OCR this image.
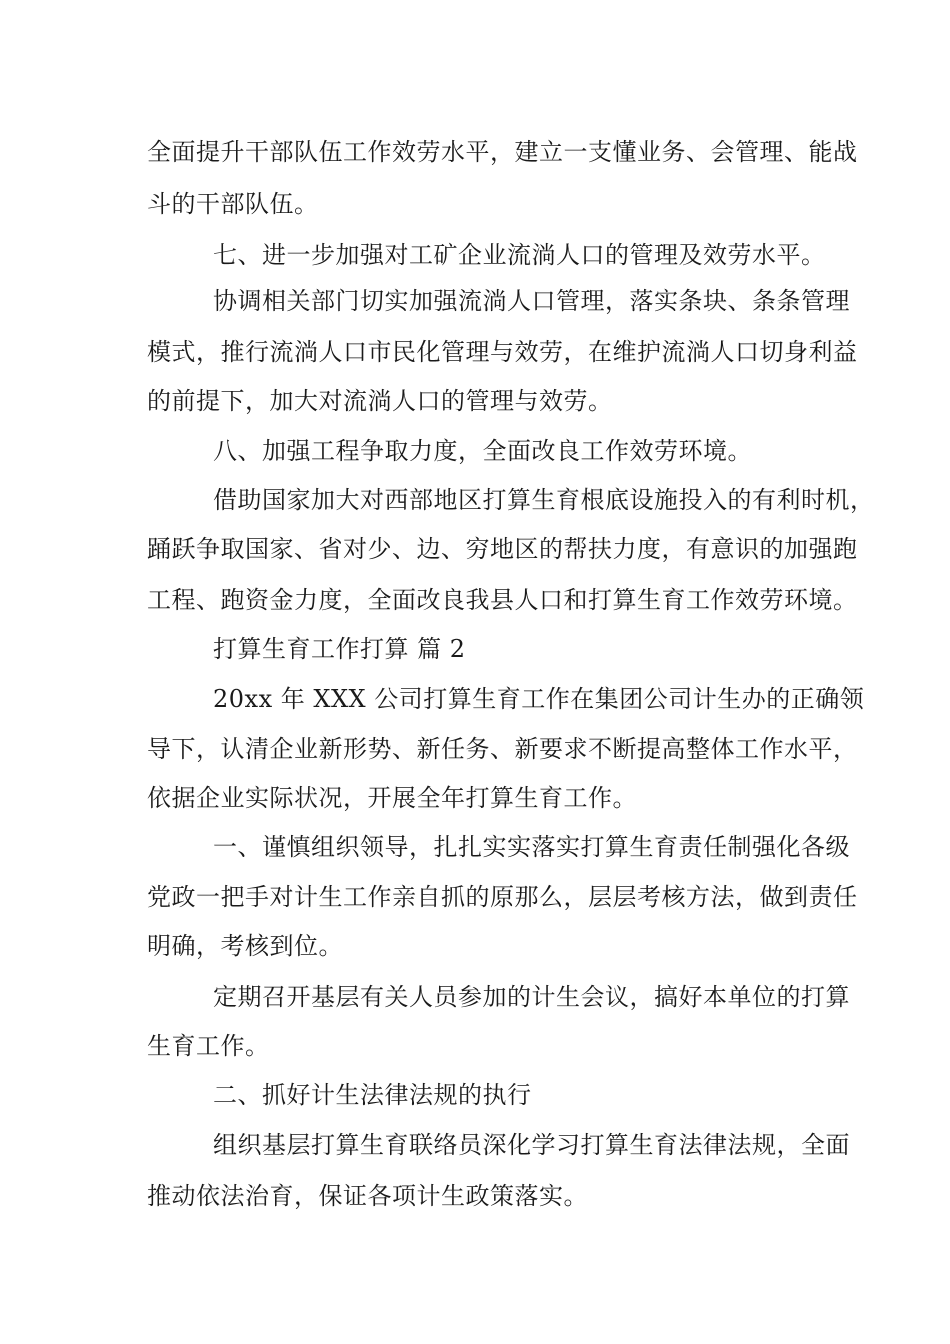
全面提升干部队伍工作效劳水平，建立一支懂业务、会管理、能战
斗的干部队伍。
七、进一步加强对工矿企业流淌人口的管理及效劳水平。
协调相关部门切实加强流淌人口管理，落实条块、条条管理
模式，推行流淌人口市民化管理与效劳，在维护流淌人口切身利益
的前提下，加大对流淌人口的管理与效劳。
八、加强工程争取力度，全面改良工作效劳环境。
借助国家加大对西部地区打算生育根底设施投入的有利时机，
踊跃争取国家、省对少、边、穷地区的帮扶力度，有意识的加强跑
工程、跑资金力度，全面改良我县人口和打算生育工作效劳环境。
打算生育工作打算 篇 2
20xx 年 XXX 公司打算生育工作在集团公司计生办的正确领
导下，认清企业新形势、新任务、新要求不断提高整体工作水平，
依据企业实际状况，开展全年打算生育工作。
一、谨慎组织领导，扎扎实实落实打算生育责任制强化各级
党政一把手对计生工作亲自抓的原那么，层层考核方法，做到责任
明确，考核到位。
定期召开基层有关人员参加的计生会议，搞好本单位的打算
生育工作。
二、抓好计生法律法规的执行
组织基层打算生育联络员深化学习打算生育法律法规，全面
推动依法治育，保证各项计生政策落实。
